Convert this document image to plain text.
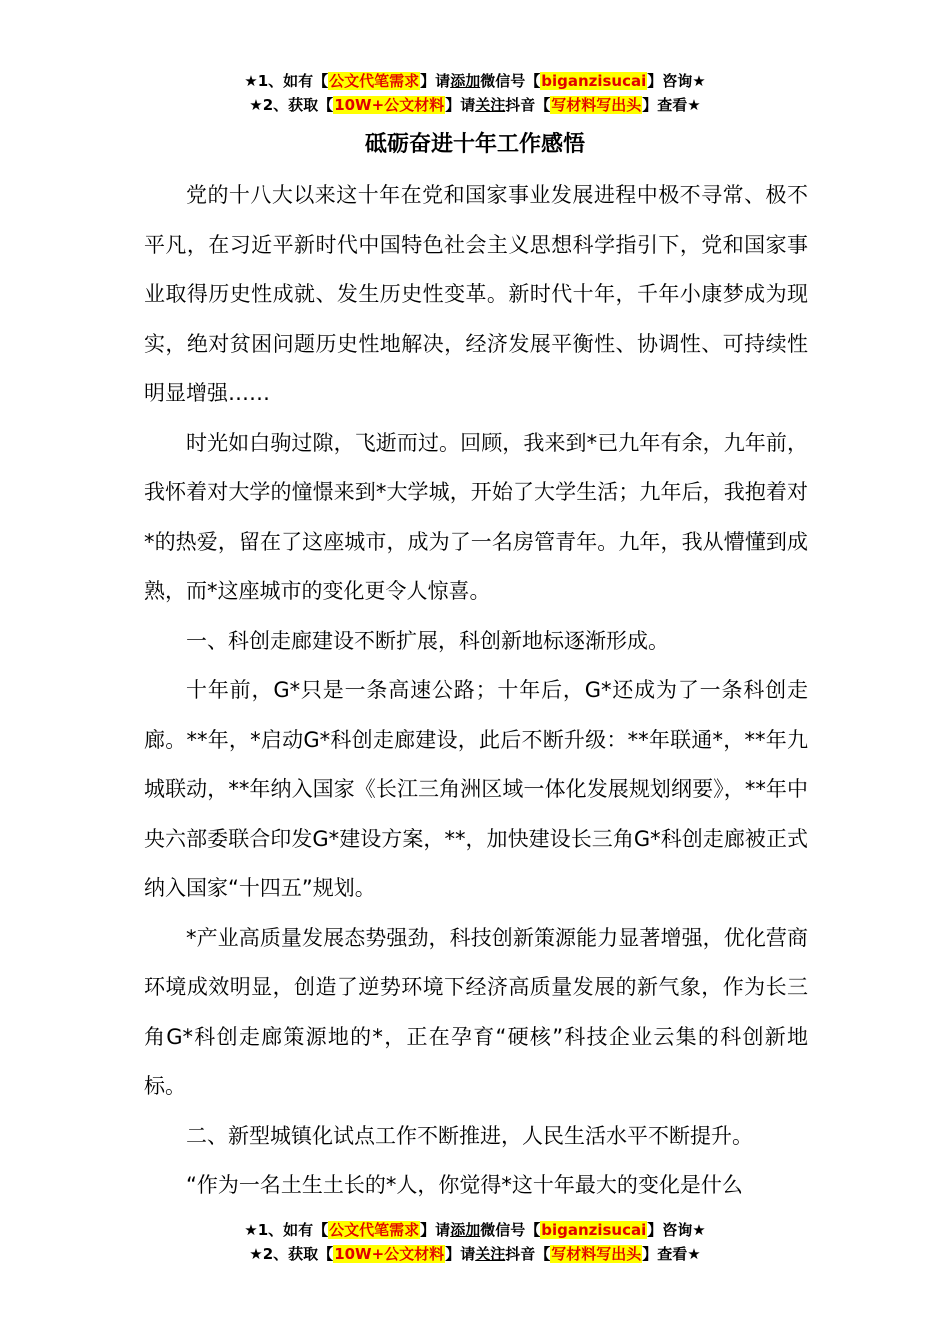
★1、如有【公文代笔需求】请添加微信号【biganzisucai】咨询★
★2、获取【10W+公文材料】请关注抖音【写材料写出头】查看★
砥砺奋进十年工作感悟

党的十八大以来这十年在党和国家事业发展进程中极不寻常、极不平凡，在习近平新时代中国特色社会主义思想科学指引下，党和国家事业取得历史性成就、发生历史性变革。新时代十年，千年小康梦成为现实，绝对贫困问题历史性地解决，经济发展平衡性、协调性、可持续性明显增强……

时光如白驹过隙，飞逝而过。回顾，我来到*已九年有余，九年前，我怀着对大学的憧憬来到*大学城，开始了大学生活；九年后，我抱着对*的热爱，留在了这座城市，成为了一名房管青年。九年，我从懵懂到成熟，而*这座城市的变化更令人惊喜。

一、科创走廊建设不断扩展，科创新地标逐渐形成。

十年前，G*只是一条高速公路；十年后，G*还成为了一条科创走廊。**年，*启动G*科创走廊建设，此后不断升级：**年联通*，**年九城联动，**年纳入国家《长江三角洲区域一体化发展规划纲要》，**年中央六部委联合印发G*建设方案，**，加快建设长三角G*科创走廊被正式纳入国家“十四五”规划。

*产业高质量发展态势强劲，科技创新策源能力显著增强，优化营商环境成效明显，创造了逆势环境下经济高质量发展的新气象，作为长三角G*科创走廊策源地的*，正在孕育“硬核”科技企业云集的科创新地标。

二、新型城镇化试点工作不断推进，人民生活水平不断提升。

“作为一名土生土长的*人，你觉得*这十年最大的变化是什么

★1、如有【公文代笔需求】请添加微信号【biganzisucai】咨询★
★2、获取【10W+公文材料】请关注抖音【写材料写出头】查看★
